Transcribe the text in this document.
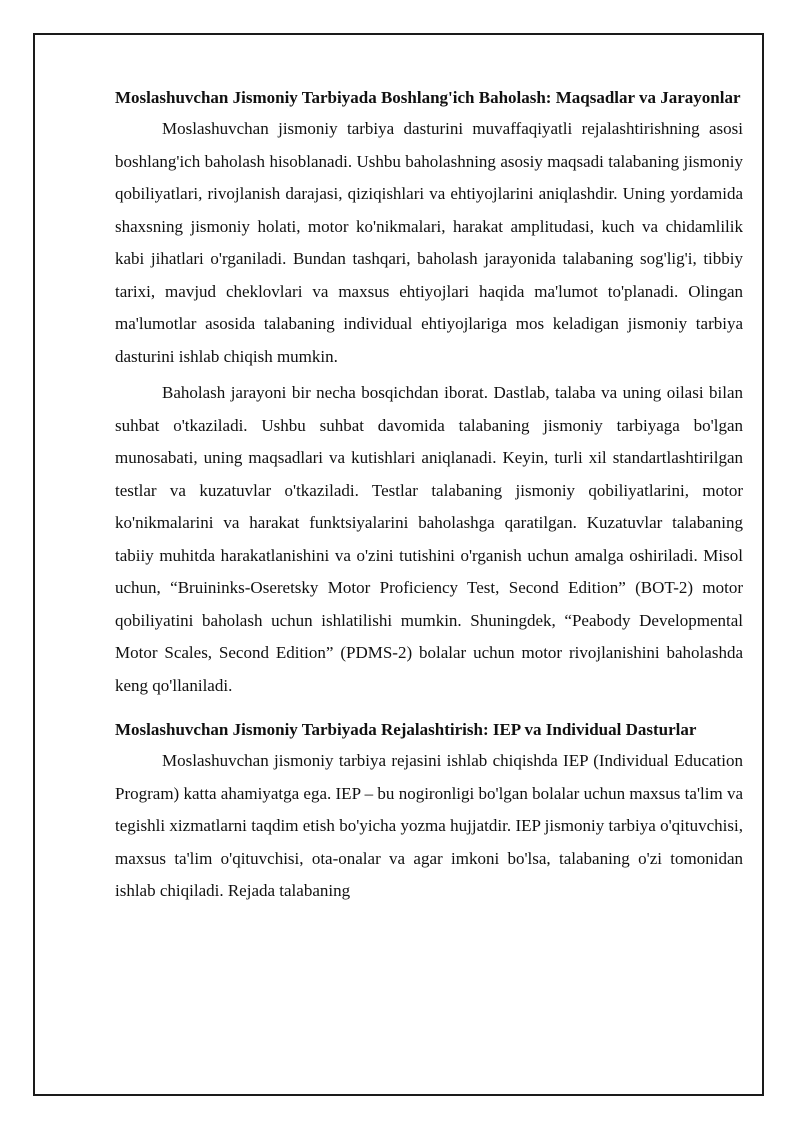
Moslashuvchan Jismoniy Tarbiyada Boshlang'ich Baholash: Maqsadlar va Jarayonlar

Moslashuvchan jismoniy tarbiya dasturini muvaffaqiyatli rejalashtirishning asosi boshlang'ich baholash hisoblanadi. Ushbu baholashning asosiy maqsadi talabaning jismoniy qobiliyatlari, rivojlanish darajasi, qiziqishlari va ehtiyojlarini aniqlashdir. Uning yordamida shaxsning jismoniy holati, motor ko'nikmalari, harakat amplitudasi, kuch va chidamlilik kabi jihatlari o'rganiladi. Bundan tashqari, baholash jarayonida talabaning sog'lig'i, tibbiy tarixi, mavjud cheklovlari va maxsus ehtiyojlari haqida ma'lumot to'planadi. Olingan ma'lumotlar asosida talabaning individual ehtiyojlariga mos keladigan jismoniy tarbiya dasturini ishlab chiqish mumkin.

Baholash jarayoni bir necha bosqichdan iborat. Dastlab, talaba va uning oilasi bilan suhbat o'tkaziladi. Ushbu suhbat davomida talabaning jismoniy tarbiyaga bo'lgan munosabati, uning maqsadlari va kutishlari aniqlanadi. Keyin, turli xil standartlashtirilgan testlar va kuzatuvlar o'tkaziladi. Testlar talabaning jismoniy qobiliyatlarini, motor ko'nikmalarini va harakat funktsiyalarini baholashga qaratilgan. Kuzatuvlar talabaning tabiiy muhitda harakatlanishini va o'zini tutishini o'rganish uchun amalga oshiriladi. Misol uchun, “Bruininks-Oseretsky Motor Proficiency Test, Second Edition” (BOT-2) motor qobiliyatini baholash uchun ishlatilishi mumkin. Shuningdek, “Peabody Developmental Motor Scales, Second Edition” (PDMS-2) bolalar uchun motor rivojlanishini baholashda keng qo'llaniladi.

Moslashuvchan Jismoniy Tarbiyada Rejalashtirish: IEP va Individual Dasturlar

Moslashuvchan jismoniy tarbiya rejasini ishlab chiqishda IEP (Individual Education Program) katta ahamiyatga ega. IEP – bu nogironligi bo'lgan bolalar uchun maxsus ta'lim va tegishli xizmatlarni taqdim etish bo'yicha yozma hujjatdir. IEP jismoniy tarbiya o'qituvchisi, maxsus ta'lim o'qituvchisi, ota-onalar va agar imkoni bo'lsa, talabaning o'zi tomonidan ishlab chiqiladi. Rejada talabaning
